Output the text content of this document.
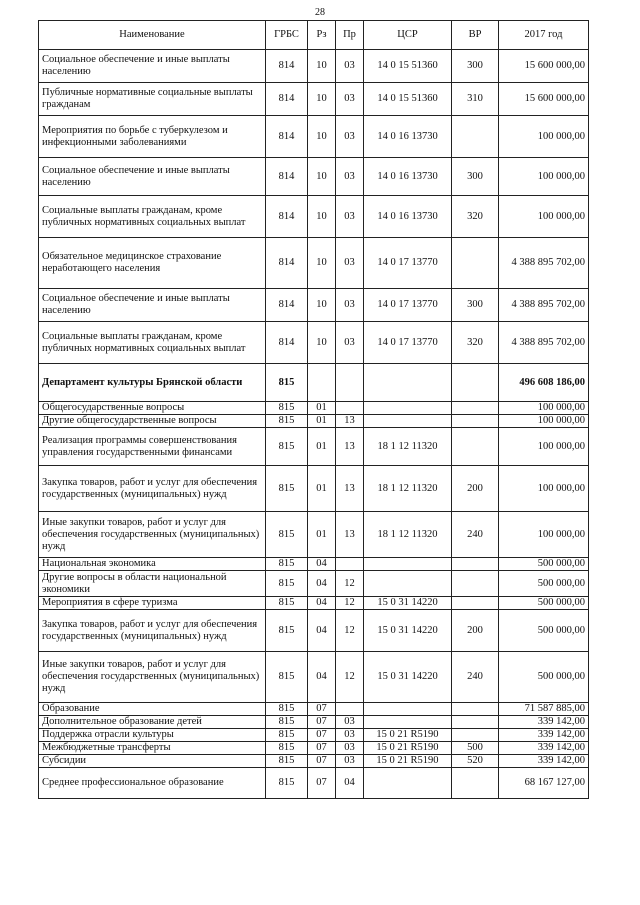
28
Наименование	ГРБС	Рз	Пр	ЦСР	ВР	2017 год
Социальное обеспечение и иные выплаты населению	814	10	03	14 0 15 51360	300	15 600 000,00
Публичные нормативные социальные выплаты гражданам	814	10	03	14 0 15 51360	310	15 600 000,00
Мероприятия по борьбе с туберкулезом и инфекционными заболеваниями	814	10	03	14 0 16 13730		100 000,00
Социальное обеспечение и иные выплаты населению	814	10	03	14 0 16 13730	300	100 000,00
Социальные выплаты гражданам, кроме публичных нормативных социальных выплат	814	10	03	14 0 16 13730	320	100 000,00
Обязательное медицинское страхование неработающего населения	814	10	03	14 0 17 13770		4 388 895 702,00
Социальное обеспечение и иные выплаты населению	814	10	03	14 0 17 13770	300	4 388 895 702,00
Социальные выплаты гражданам, кроме публичных нормативных социальных выплат	814	10	03	14 0 17 13770	320	4 388 895 702,00
Департамент культуры Брянской области	815					496 608 186,00
Общегосударственные вопросы	815	01				100 000,00
Другие общегосударственные вопросы	815	01	13			100 000,00
Реализация программы совершенствования управления государственными финансами	815	01	13	18 1 12 11320		100 000,00
Закупка товаров, работ и услуг для обеспечения государственных (муниципальных) нужд	815	01	13	18 1 12 11320	200	100 000,00
Иные закупки товаров, работ и услуг для обеспечения государственных (муниципальных) нужд	815	01	13	18 1 12 11320	240	100 000,00
Национальная экономика	815	04				500 000,00
Другие вопросы в области национальной экономики	815	04	12			500 000,00
Мероприятия в сфере туризма	815	04	12	15 0 31 14220		500 000,00
Закупка товаров, работ и услуг для обеспечения государственных (муниципальных) нужд	815	04	12	15 0 31 14220	200	500 000,00
Иные закупки товаров, работ и услуг для обеспечения государственных (муниципальных) нужд	815	04	12	15 0 31 14220	240	500 000,00
Образование	815	07				71 587 885,00
Дополнительное образование детей	815	07	03			339 142,00
Поддержка отрасли культуры	815	07	03	15 0 21 R5190		339 142,00
Межбюджетные трансферты	815	07	03	15 0 21 R5190	500	339 142,00
Субсидии	815	07	03	15 0 21 R5190	520	339 142,00
Среднее профессиональное образование	815	07	04			68 167 127,00
